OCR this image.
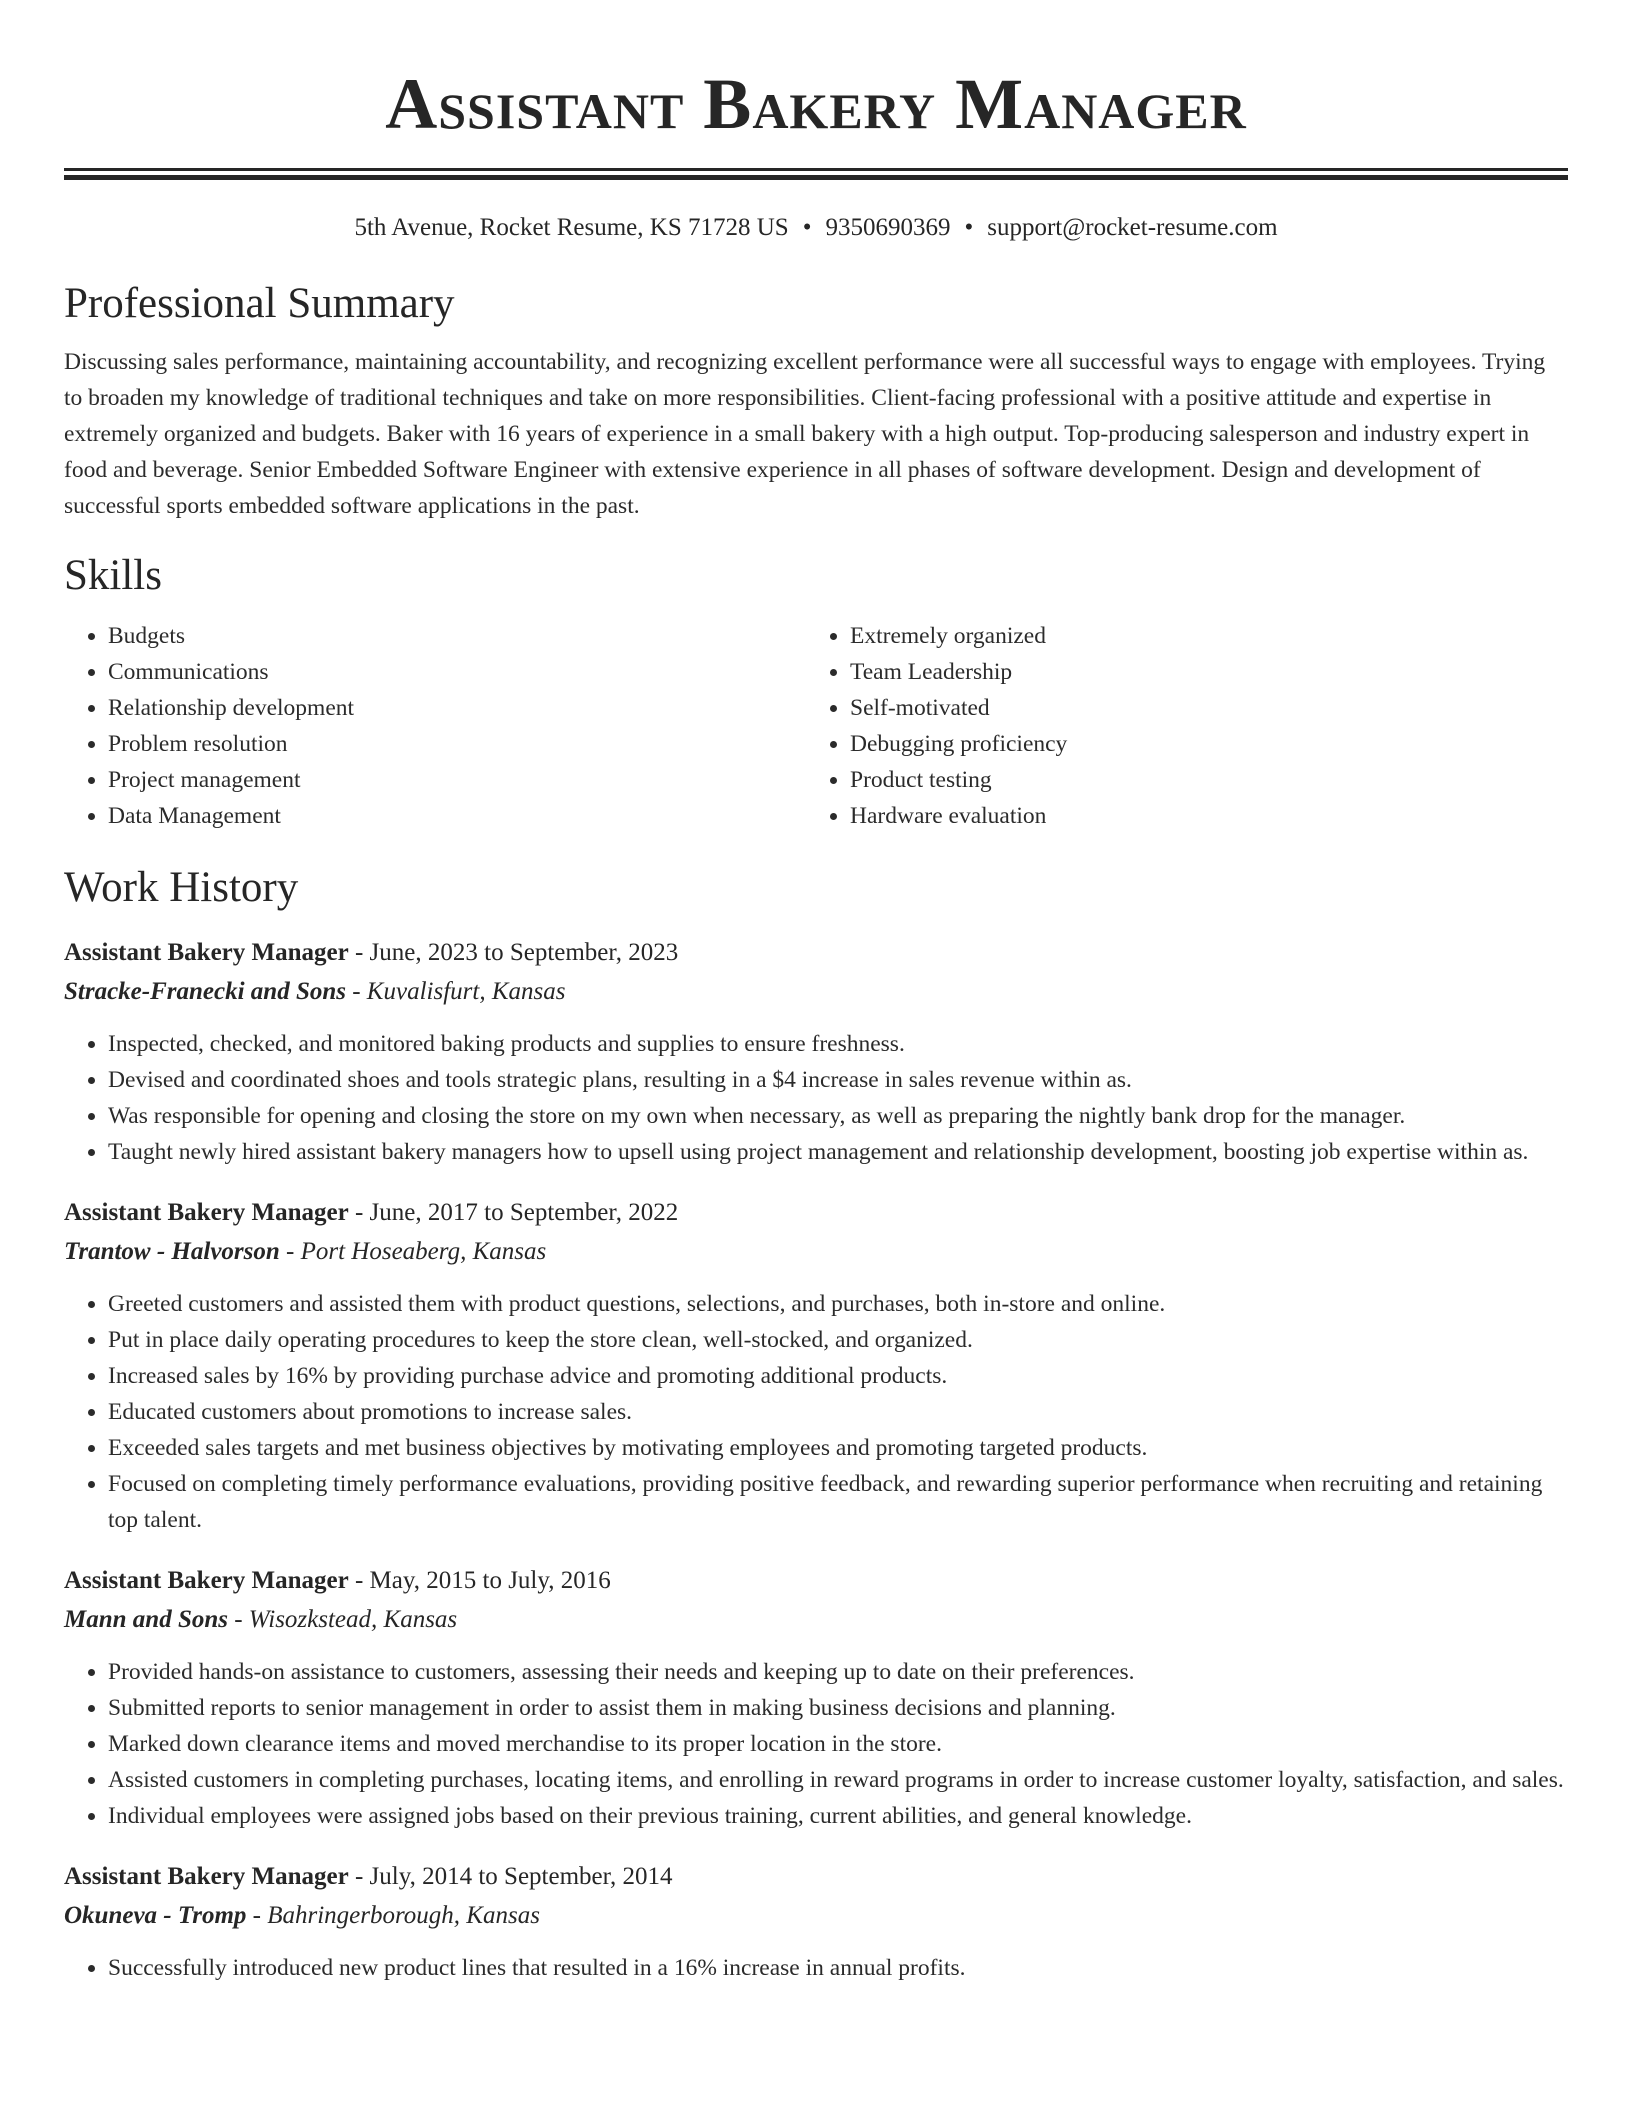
Assistant Bakery Manager
5th Avenue, Rocket Resume, KS 71728 US • 9350690369 • support@rocket-resume.com
Professional Summary
Discussing sales performance, maintaining accountability, and recognizing excellent performance were all successful ways to engage with employees. Trying to broaden my knowledge of traditional techniques and take on more responsibilities. Client-facing professional with a positive attitude and expertise in extremely organized and budgets. Baker with 16 years of experience in a small bakery with a high output. Top-producing salesperson and industry expert in food and beverage. Senior Embedded Software Engineer with extensive experience in all phases of software development. Design and development of successful sports embedded software applications in the past.
Skills
• Budgets
• Communications
• Relationship development
• Problem resolution
• Project management
• Data Management
• Extremely organized
• Team Leadership
• Self-motivated
• Debugging proficiency
• Product testing
• Hardware evaluation
Work History
Assistant Bakery Manager - June, 2023 to September, 2023
Stracke-Franecki and Sons - Kuvalisfurt, Kansas
• Inspected, checked, and monitored baking products and supplies to ensure freshness.
• Devised and coordinated shoes and tools strategic plans, resulting in a $4 increase in sales revenue within as.
• Was responsible for opening and closing the store on my own when necessary, as well as preparing the nightly bank drop for the manager.
• Taught newly hired assistant bakery managers how to upsell using project management and relationship development, boosting job expertise within as.
Assistant Bakery Manager - June, 2017 to September, 2022
Trantow - Halvorson - Port Hoseaberg, Kansas
• Greeted customers and assisted them with product questions, selections, and purchases, both in-store and online.
• Put in place daily operating procedures to keep the store clean, well-stocked, and organized.
• Increased sales by 16% by providing purchase advice and promoting additional products.
• Educated customers about promotions to increase sales.
• Exceeded sales targets and met business objectives by motivating employees and promoting targeted products.
• Focused on completing timely performance evaluations, providing positive feedback, and rewarding superior performance when recruiting and retaining top talent.
Assistant Bakery Manager - May, 2015 to July, 2016
Mann and Sons - Wisozkstead, Kansas
• Provided hands-on assistance to customers, assessing their needs and keeping up to date on their preferences.
• Submitted reports to senior management in order to assist them in making business decisions and planning.
• Marked down clearance items and moved merchandise to its proper location in the store.
• Assisted customers in completing purchases, locating items, and enrolling in reward programs in order to increase customer loyalty, satisfaction, and sales.
• Individual employees were assigned jobs based on their previous training, current abilities, and general knowledge.
Assistant Bakery Manager - July, 2014 to September, 2014
Okuneva - Tromp - Bahringerborough, Kansas
• Successfully introduced new product lines that resulted in a 16% increase in annual profits.
